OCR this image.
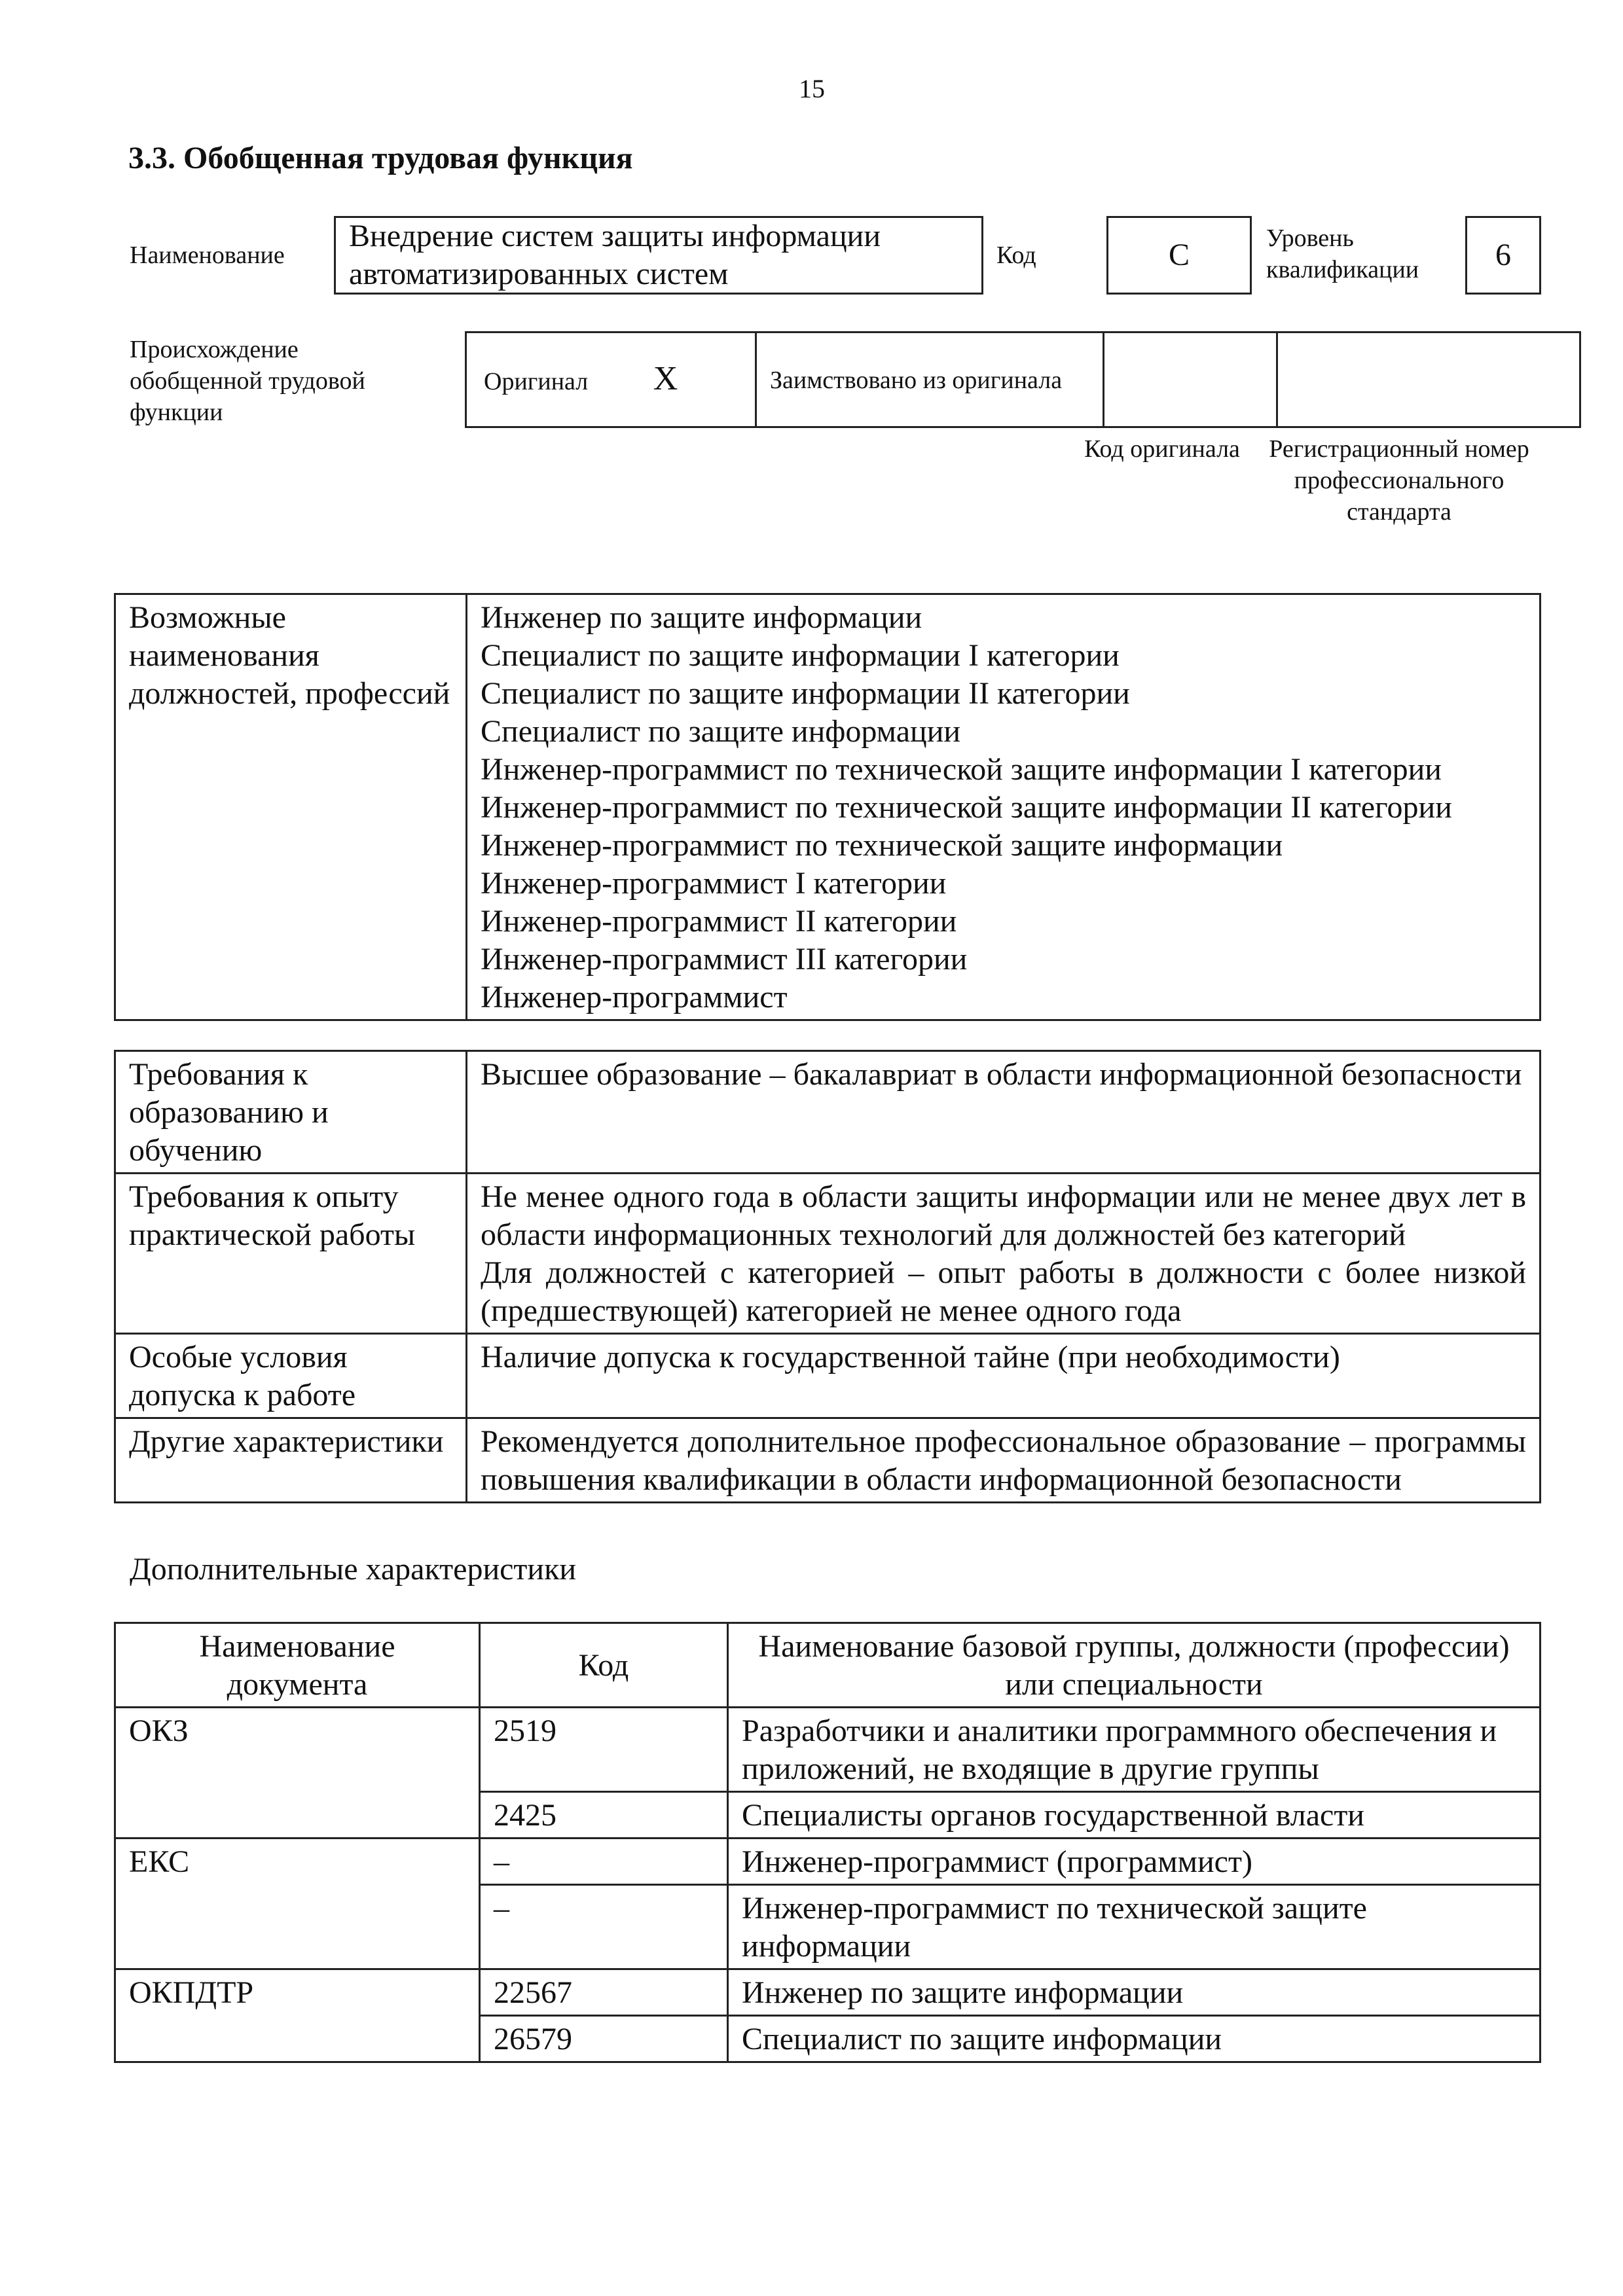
15
3.3. Обобщенная трудовая функция
Наименование
Внедрение систем защиты информации автоматизированных систем
Код	C	Уровень квалификации	6
Происхождение обобщенной трудовой функции
Оригинал X	Заимствовано из оригинала		
Код оригинала	Регистрационный номер профессионального стандарта
Возможные наименования должностей, профессий	
Инженер по защите информации
Специалист по защите информации I категории
Специалист по защите информации II категории
Специалист по защите информации
Инженер-программист по технической защите информации I категории
Инженер-программист по технической защите информации II категории
Инженер-программист по технической защите информации
Инженер-программист I категории
Инженер-программист II категории
Инженер-программист III категории
Инженер-программист
Требования к образованию и обучению	Высшее образование – бакалавриат в области информационной безопасности
Требования к опыту практической работы	Не менее одного года в области защиты информации или не менее двух лет в области информационных технологий для должностей без категорий
Для должностей с категорией – опыт работы в должности с более низкой (предшествующей) категорией не менее одного года

Особые условия допуска к работе	Наличие допуска к государственной тайне (при необходимости)
Другие характеристики	Рекомендуется дополнительное профессиональное образование – программы повышения квалификации в области информационной безопасности
Дополнительные характеристики
Наименование документа	Код	Наименование базовой группы, должности (профессии) или специальности
ОКЗ	2519	Разработчики и аналитики программного обеспечения и приложений, не входящие в другие группы
	2425	Специалисты органов государственной власти
ЕКС	–	Инженер-программист (программист)
	–	Инженер-программист по технической защите информации
ОКПДТР	22567	Инженер по защите информации
	26579	Специалист по защите информации
